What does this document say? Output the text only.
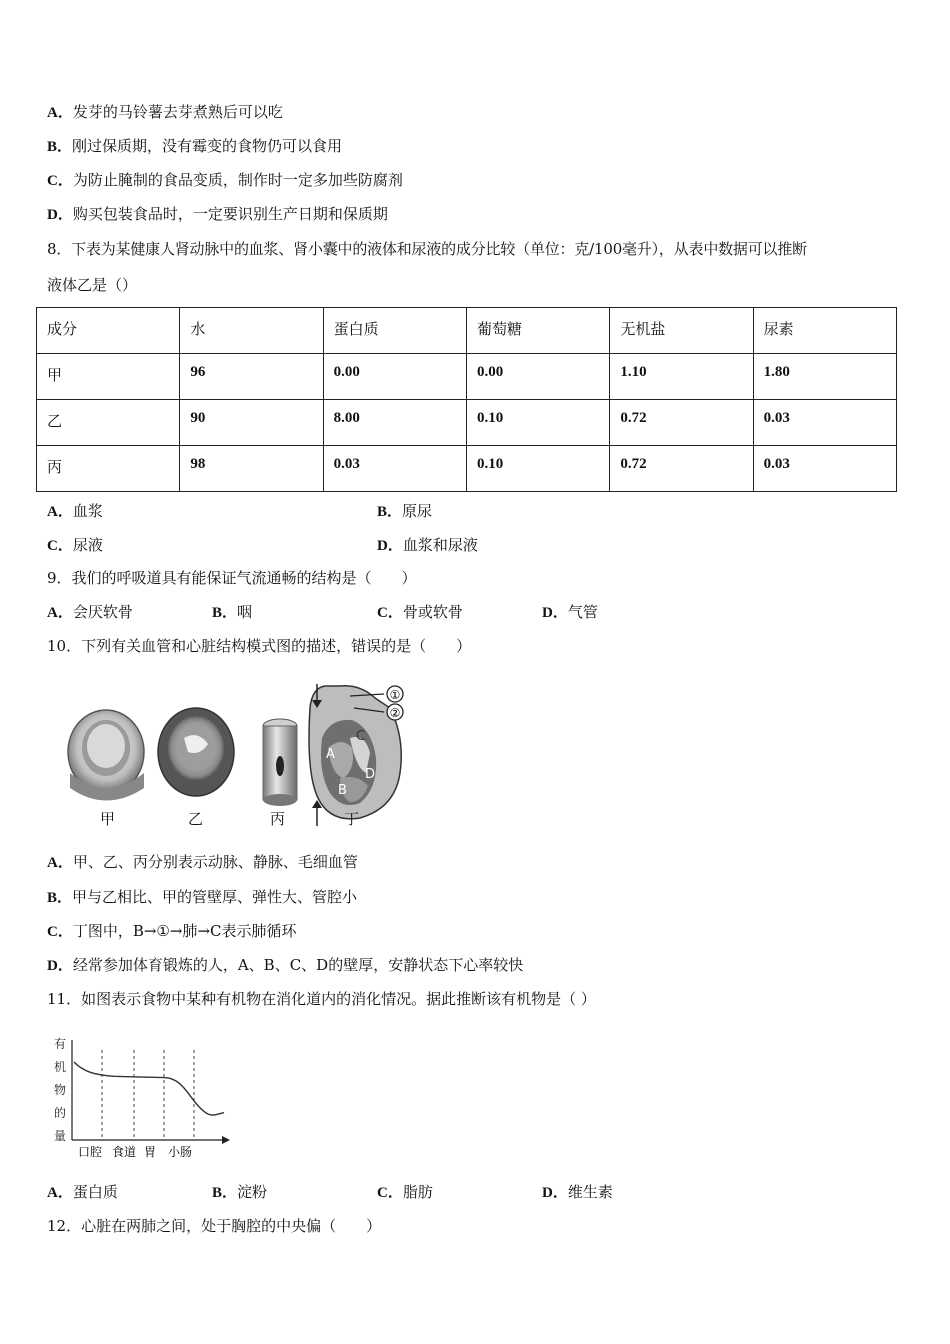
A．发芽的马铃薯去芽煮熟后可以吃
B．刚过保质期，没有霉变的食物仍可以食用
C．为防止腌制的食品变质，制作时一定多加些防腐剂
D．购买包装食品时，一定要识别生产日期和保质期
8．下表为某健康人肾动脉中的血浆、肾小囊中的液体和尿液的成分比较（单位：克/100毫升），从表中数据可以推断
液体乙是（）
成分	水	蛋白质	葡萄糖	无机盐	尿素
甲	96	0.00	0.00	1.10	1.80
乙	90	8.00	0.10	0.72	0.03
丙	98	0.03	0.10	0.72	0.03
A．血浆	B．原尿
C．尿液	D．血浆和尿液
9．我们的呼吸道具有能保证气流通畅的结构是（　　）
A．会厌软骨	B．咽	C．骨或软骨	D．气管
10．下列有关血管和心脏结构模式图的描述，错误的是（　　）
①
②
A
B
C
D
甲	乙	丙	丁
A．甲、乙、丙分别表示动脉、静脉、毛细血管
B．甲与乙相比、甲的管壁厚、弹性大、管腔小
C．丁图中，B→①→肺→C表示肺循环
D．经常参加体育锻炼的人，A、B、C、D的壁厚，安静状态下心率较快
11．如图表示食物中某种有机物在消化道内的消化情况。据此推断该有机物是（ ）
有机物的量
口腔 食道 胃 小肠
A．蛋白质	B．淀粉	C．脂肪	D．维生素
12．心脏在两肺之间，处于胸腔的中央偏（　　）
